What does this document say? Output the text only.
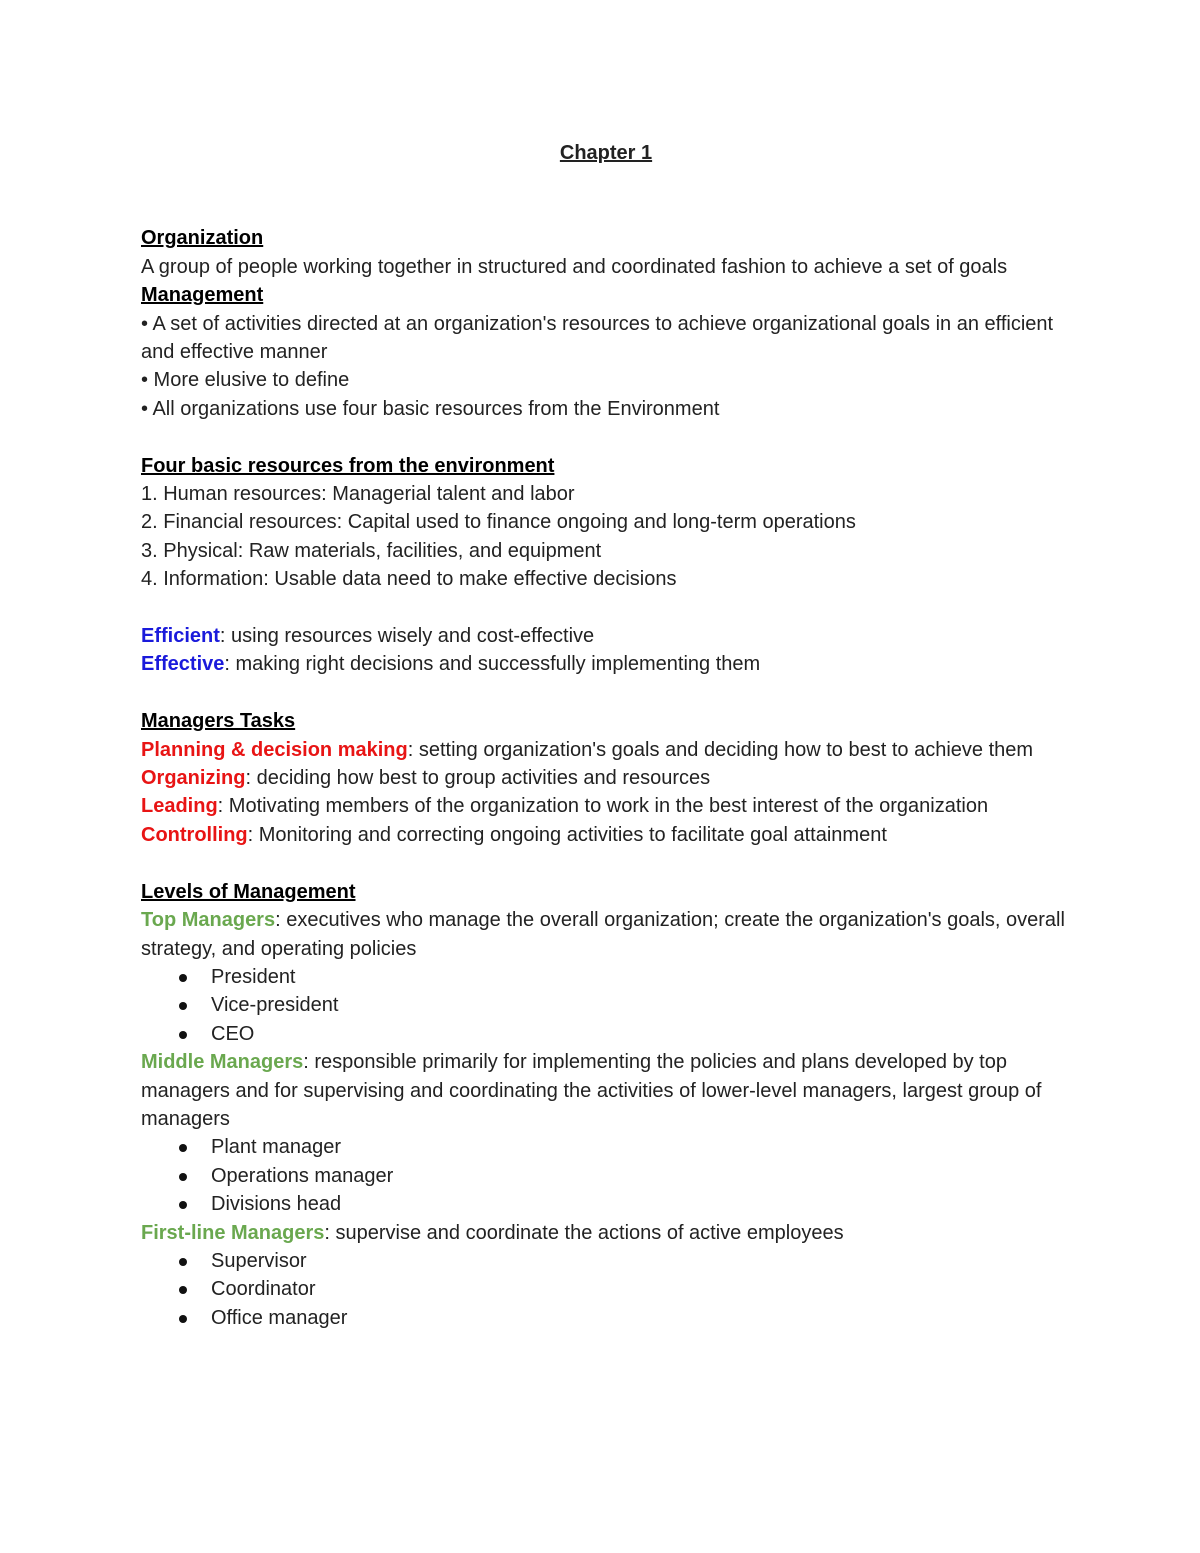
Chapter 1

Organization

A group of people working together in structured and coordinated fashion to achieve a set of goals

Management

• A set of activities directed at an organization's resources to achieve organizational goals in an efficient and effective manner

• More elusive to define

• All organizations use four basic resources from the Environment

Four basic resources from the environment

1. Human resources: Managerial talent and labor

2. Financial resources: Capital used to finance ongoing and long-term operations

3. Physical: Raw materials, facilities, and equipment

4. Information: Usable data need to make effective decisions

Efficient: using resources wisely and cost-effective

Effective: making right decisions and successfully implementing them

Managers Tasks

Planning & decision making: setting organization's goals and deciding how to best to achieve them

Organizing: deciding how best to group activities and resources

Leading: Motivating members of the organization to work in the best interest of the organization

Controlling: Monitoring and correcting ongoing activities to facilitate goal attainment

Levels of Management

Top Managers: executives who manage the overall organization; create the organization's goals, overall strategy, and operating policies

President
Vice-president
CEO

Middle Managers: responsible primarily for implementing the policies and plans developed by top managers and for supervising and coordinating the activities of lower-level managers, largest group of managers

Plant manager
Operations manager
Divisions head

First-line Managers: supervise and coordinate the actions of active employees

Supervisor
Coordinator
Office manager
